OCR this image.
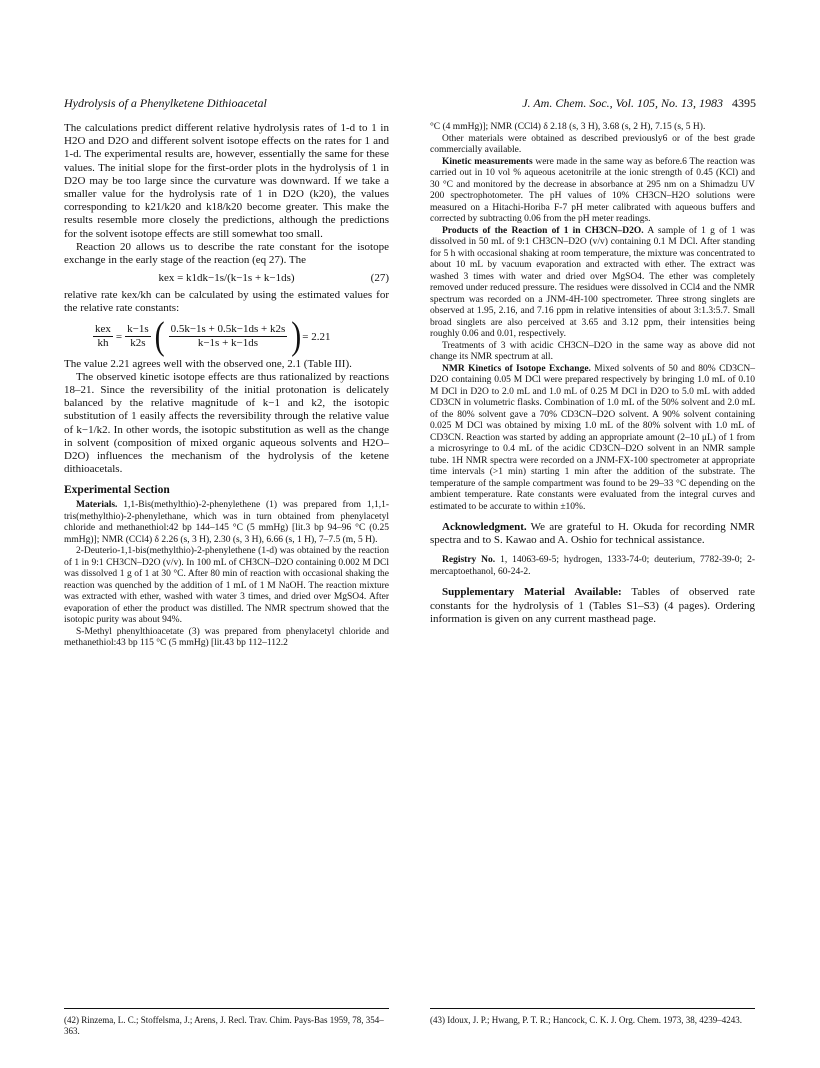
Hydrolysis of a Phenylketene Dithioacetal	J. Am. Chem. Soc., Vol. 105, No. 13, 1983 4395

The calculations predict different relative hydrolysis rates of 1-d to 1 in H2O and D2O and different solvent isotope effects on the rates for 1 and 1-d. The experimental results are, however, essentially the same for these values. The initial slope for the first-order plots in the hydrolysis of 1 in D2O may be too large since the curvature was downward. If we take a smaller value for the hydrolysis rate of 1 in D2O (k20), the values corresponding to k21/k20 and k18/k20 become greater. This make the results resemble more closely the predictions, although the predictions for the solvent isotope effects are still somewhat too small.

Reaction 20 allows us to describe the rate constant for the isotope exchange in the early stage of the reaction (eq 27). The

kex = k1dk−1s/(k−1s + k−1ds)	(27)

relative rate kex/kh can be calculated by using the estimated values for the relative rate constants:

$\frac{\text{kex}}{kh} = \frac{k-1s}{k2s}$ ( $\frac{0.5k-1s + 0.5k-1ds + k2s}{k-1s + k-1ds}$ ) = 2.21

The value 2.21 agrees well with the observed one, 2.1 (Table III).

The observed kinetic isotope effects are thus rationalized by reactions 18–21. Since the reversibility of the initial protonation is delicately balanced by the relative magnitude of k−1 and k2, the isotopic substitution of 1 easily affects the reversibility through the relative value of k−1/k2. In other words, the isotopic substitution as well as the change in solvent (composition of mixed organic aqueous solvents and H2O–D2O) influences the mechanism of the hydrolysis of the ketene dithioacetals.

Experimental Section

Materials. 1,1-Bis(methylthio)-2-phenylethene (1) was prepared from 1,1,1-tris(methylthio)-2-phenylethane, which was in turn obtained from phenylacetyl chloride and methanethiol:42 bp 144–145 °C (5 mmHg) [lit.3 bp 94–96 °C (0.25 mmHg)]; NMR (CCl4) δ 2.26 (s, 3 H), 2.30 (s, 3 H), 6.66 (s, 1 H), 7–7.5 (m, 5 H).

2-Deuterio-1,1-bis(methylthio)-2-phenylethene (1-d) was obtained by the reaction of 1 in 9:1 CH3CN–D2O (v/v). In 100 mL of CH3CN–D2O containing 0.002 M DCl was dissolved 1 g of 1 at 30 °C. After 80 min of reaction with occasional shaking the reaction was quenched by the addition of 1 mL of 1 M NaOH. The reaction mixture was extracted with ether, washed with water 3 times, and dried over MgSO4. After evaporation of ether the product was distilled. The NMR spectrum showed that the isotopic purity was about 94%.

S-Methyl phenylthioacetate (3) was prepared from phenylacetyl chloride and methanethiol:43 bp 115 °C (5 mmHg) [lit.43 bp 112–112.2

°C (4 mmHg)]; NMR (CCl4) δ 2.18 (s, 3 H), 3.68 (s, 2 H), 7.15 (s, 5 H).

Other materials were obtained as described previously6 or of the best grade commercially available.

Kinetic measurements were made in the same way as before.6 The reaction was carried out in 10 vol % aqueous acetonitrile at the ionic strength of 0.45 (KCl) and 30 °C and monitored by the decrease in absorbance at 295 nm on a Shimadzu UV 200 spectrophotometer. The pH values of 10% CH3CN–H2O solutions were measured on a Hitachi-Horiba F-7 pH meter calibrated with aqueous buffers and corrected by subtracting 0.06 from the pH meter readings.

Products of the Reaction of 1 in CH3CN–D2O. A sample of 1 g of 1 was dissolved in 50 mL of 9:1 CH3CN–D2O (v/v) containing 0.1 M DCl. After standing for 5 h with occasional shaking at room temperature, the mixture was concentrated to about 10 mL by vacuum evaporation and extracted with ether. The extract was washed 3 times with water and dried over MgSO4. The ether was completely removed under reduced pressure. The residues were dissolved in CCl4 and the NMR spectrum was recorded on a JNM-4H-100 spectrometer. Three strong singlets are observed at 1.95, 2.16, and 7.16 ppm in relative intensities of about 3:1.3:5.7. Small broad singlets are also perceived at 3.65 and 3.12 ppm, their intensities being roughly 0.06 and 0.01, respectively.

Treatments of 3 with acidic CH3CN–D2O in the same way as above did not change its NMR spectrum at all.

NMR Kinetics of Isotope Exchange. Mixed solvents of 50 and 80% CD3CN–D2O containing 0.05 M DCl were prepared respectively by bringing 1.0 mL of 0.10 M DCl in D2O to 2.0 mL and 1.0 mL of 0.25 M DCl in D2O to 5.0 mL with added CD3CN in volumetric flasks. Combination of 1.0 mL of the 50% solvent and 2.0 mL of the 80% solvent gave a 70% CD3CN–D2O solvent. A 90% solvent containing 0.025 M DCl was obtained by mixing 1.0 mL of the 80% solvent with 1.0 mL of CD3CN. Reaction was started by adding an appropriate amount (2–10 μL) of 1 from a microsyringe to 0.4 mL of the acidic CD3CN–D2O solvent in an NMR sample tube. 1H NMR spectra were recorded on a JNM-FX-100 spectrometer at appropriate time intervals (>1 min) starting 1 min after the addition of the substrate. The temperature of the sample compartment was found to be 29–33 °C depending on the ambient temperature. Rate constants were evaluated from the integral curves and estimated to be accurate to within ±10%.

Acknowledgment. We are grateful to H. Okuda for recording NMR spectra and to S. Kawao and A. Oshio for technical assistance.

Registry No. 1, 14063-69-5; hydrogen, 1333-74-0; deuterium, 7782-39-0; 2-mercaptoethanol, 60-24-2.

Supplementary Material Available: Tables of observed rate constants for the hydrolysis of 1 (Tables S1–S3) (4 pages). Ordering information is given on any current masthead page.

(42) Rinzema, L. C.; Stoffelsma, J.; Arens, J. Recl. Trav. Chim. Pays-Bas 1959, 78, 354–363.
(43) Idoux, J. P.; Hwang, P. T. R.; Hancock, C. K. J. Org. Chem. 1973, 38, 4239–4243.
